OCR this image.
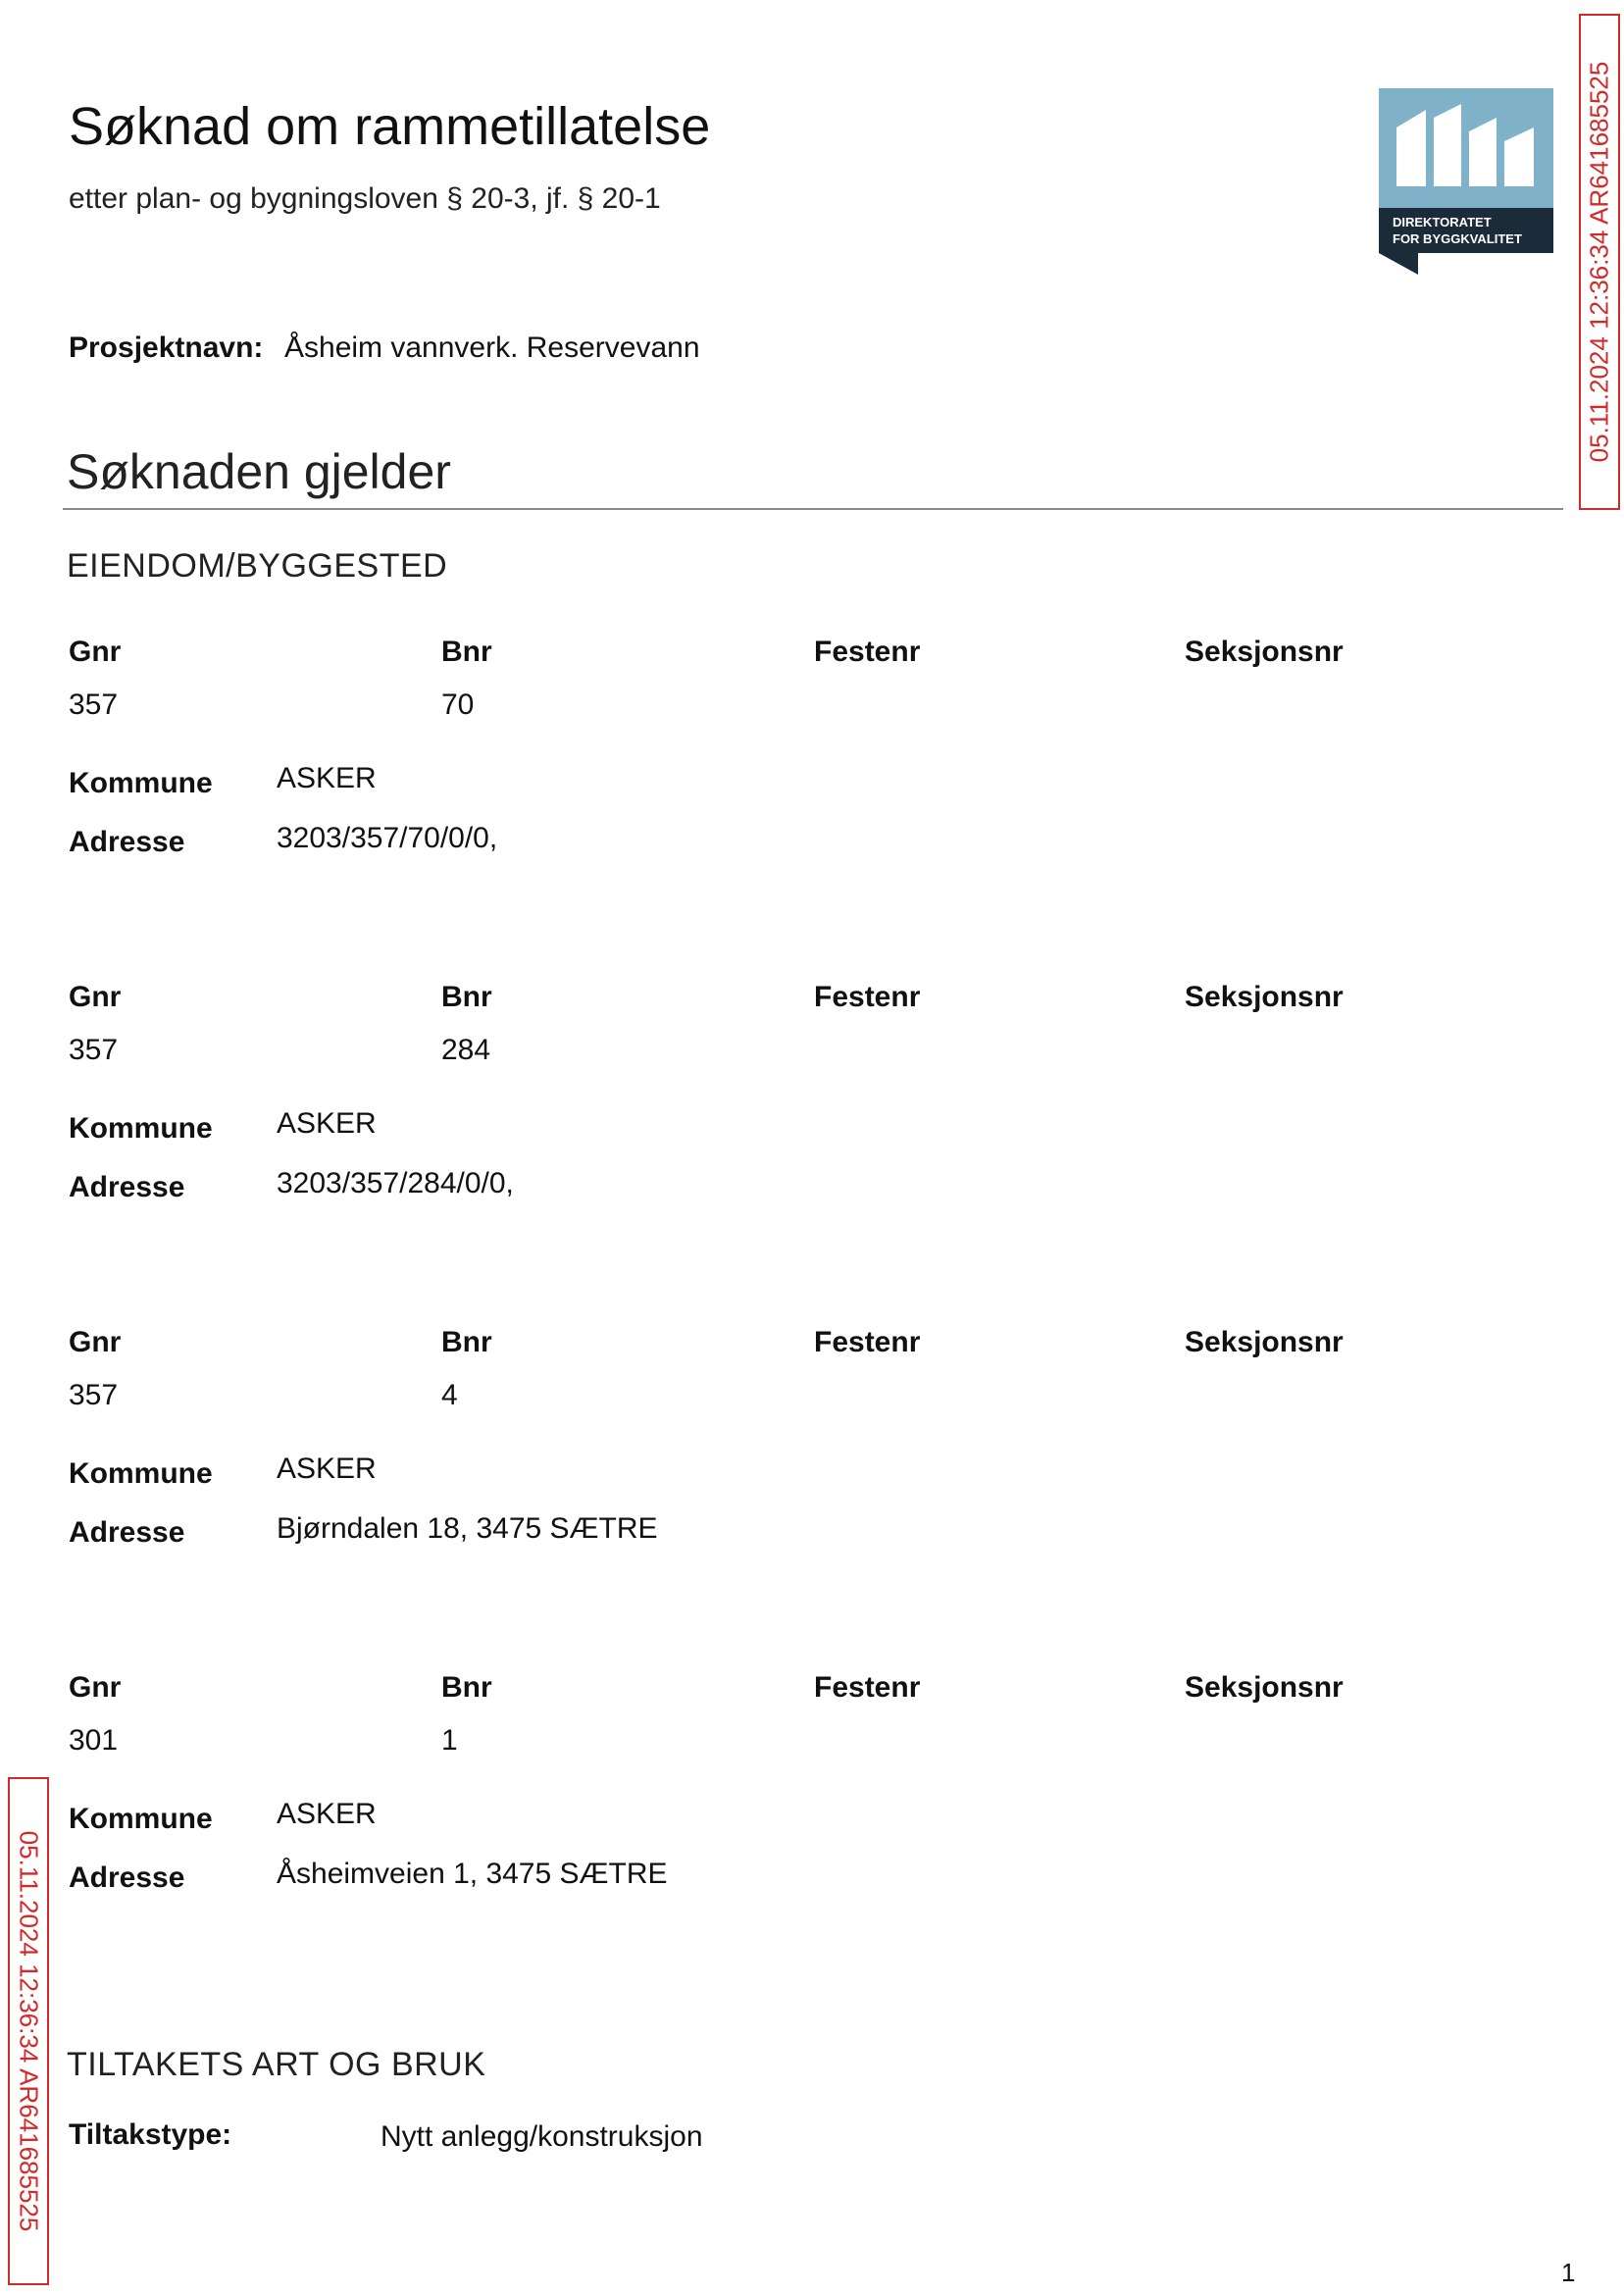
Søknad om rammetillatelse
etter plan- og bygningsloven § 20-3, jf. § 20-1
DIREKTORATET
FOR BYGGKVALITET 05.11.2024 12:36:34 AR641685525
05.11.2024 12:36:34 AR641685525
Prosjektnavn: Åsheim vannverk. Reservevann
Søknaden gjelder
EIENDOM/BYGGESTED
Gnr	Bnr	Festenr	Seksjonsnr
357	70
Kommune ASKER
Adresse	3203/357/70/0/0,
Gnr	Bnr	Festenr	Seksjonsnr
357	284
Kommune ASKER
Adresse	3203/357/284/0/0,
Gnr	Bnr	Festenr	Seksjonsnr
357	4
Kommune ASKER
Adresse	Bjørndalen 18, 3475 SÆTRE
Gnr	Bnr	Festenr	Seksjonsnr
301	1
Kommune ASKER
Adresse	Åsheimveien 1, 3475 SÆTRE
TILTAKETS ART OG BRUK
Tiltakstype:	Nytt anlegg/konstruksjon
1
